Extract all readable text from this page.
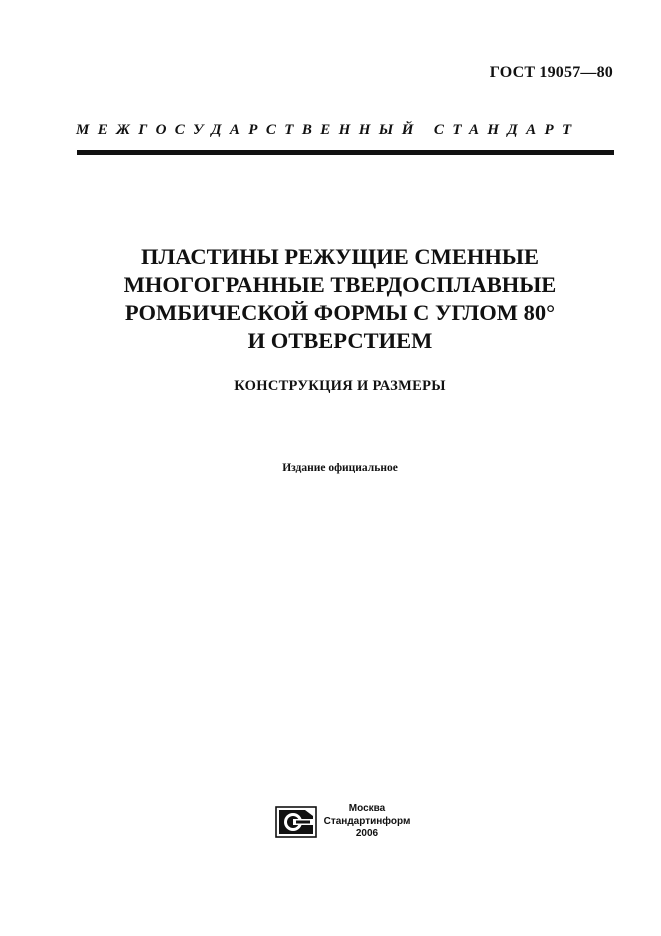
ГОСТ 19057—80
МЕЖГОСУДАРСТВЕННЫЙ СТАНДАРТ
ПЛАСТИНЫ РЕЖУЩИЕ СМЕННЫЕ
МНОГОГРАННЫЕ ТВЕРДОСПЛАВНЫЕ
РОМБИЧЕСКОЙ ФОРМЫ С УГЛОМ 80°
И ОТВЕРСТИЕМ
КОНСТРУКЦИЯ И РАЗМЕРЫ
Издание официальное
Москва
Стандартинформ
2006
